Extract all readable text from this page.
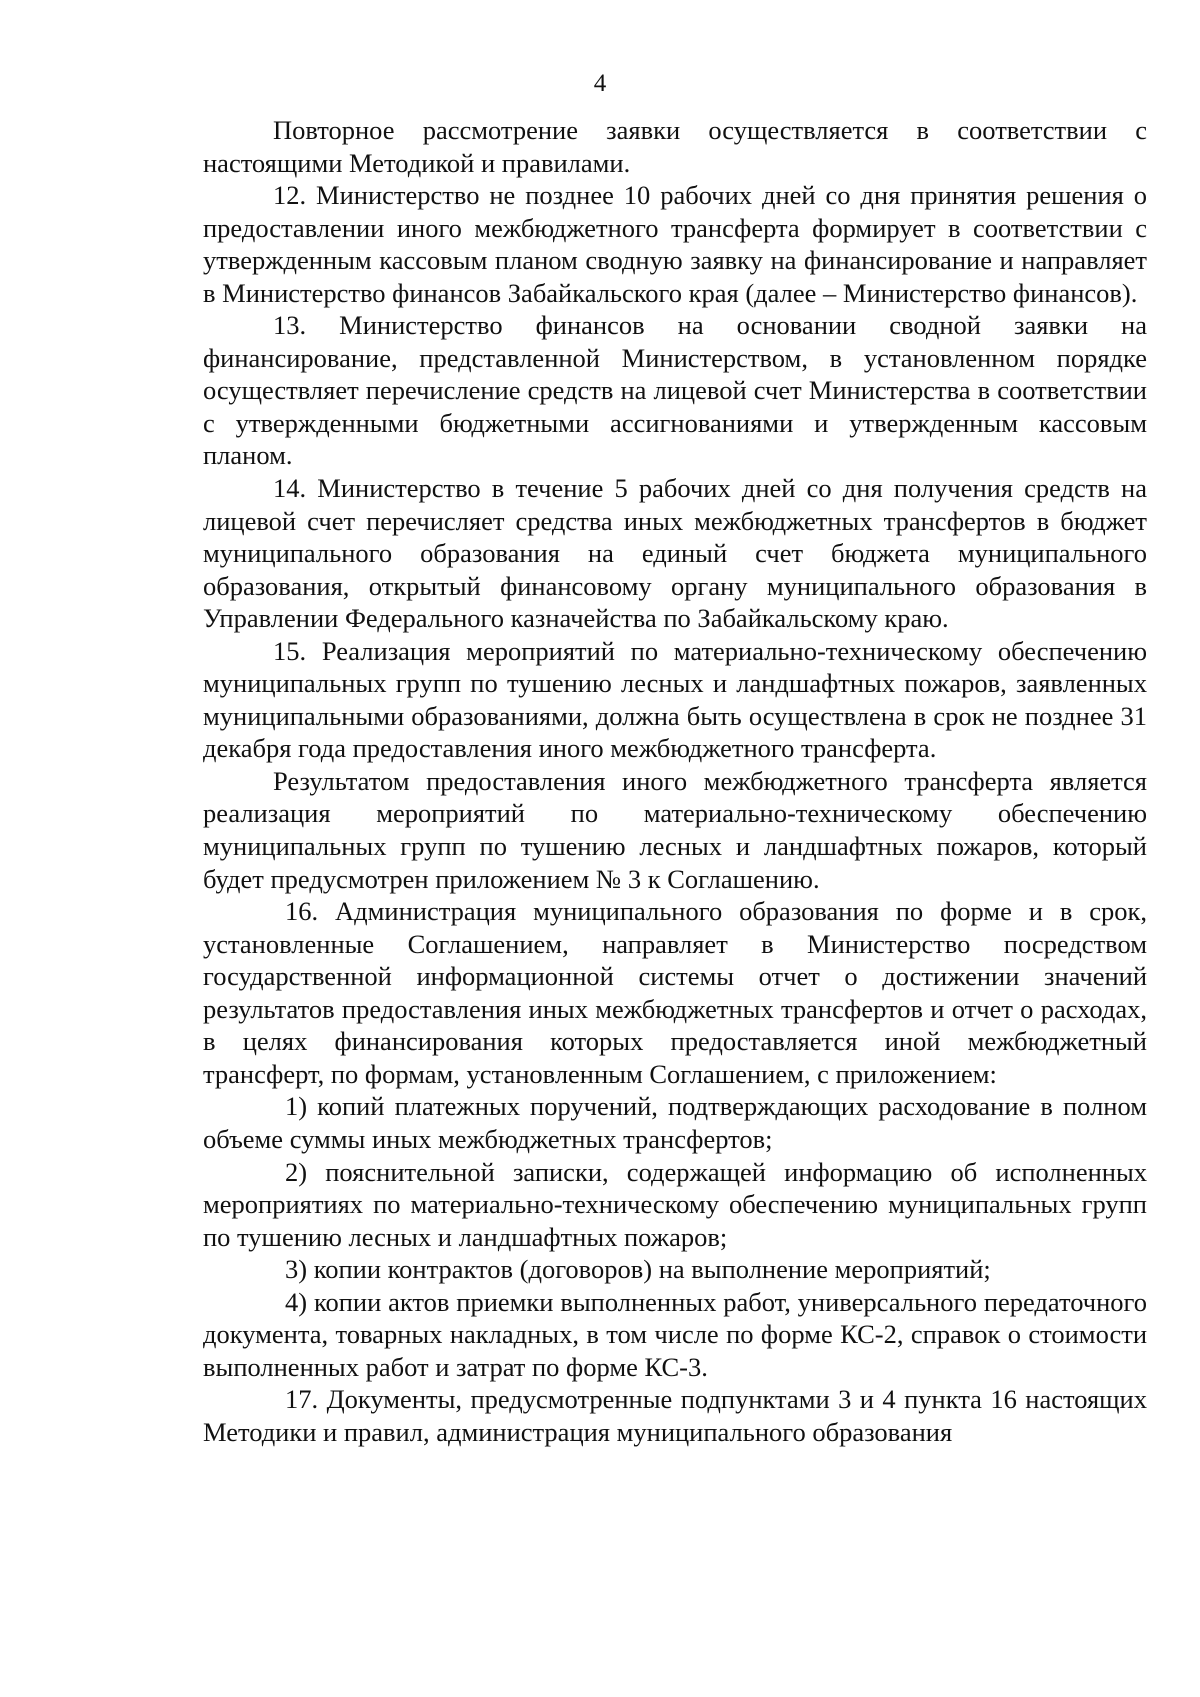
4

Повторное рассмотрение заявки осуществляется в соответствии с настоящими Методикой и правилами.

12. Министерство не позднее 10 рабочих дней со дня принятия решения о предоставлении иного межбюджетного трансферта формирует в соответствии с утвержденным кассовым планом сводную заявку на финансирование и направляет в Министерство финансов Забайкальского края (далее – Министерство финансов).

13. Министерство финансов на основании сводной заявки на финансирование, представленной Министерством, в установленном порядке осуществляет перечисление средств на лицевой счет Министерства в соответствии с утвержденными бюджетными ассигнованиями и утвержденным кассовым планом.

14. Министерство в течение 5 рабочих дней со дня получения средств на лицевой счет перечисляет средства иных межбюджетных трансфертов в бюджет муниципального образования на единый счет бюджета муниципального образования, открытый финансовому органу муниципального образования в Управлении Федерального казначейства по Забайкальскому краю.

15. Реализация мероприятий по материально-техническому обеспечению муниципальных групп по тушению лесных и ландшафтных пожаров, заявленных муниципальными образованиями, должна быть осуществлена в срок не позднее 31 декабря года предоставления иного межбюджетного трансферта.

Результатом предоставления иного межбюджетного трансферта является реализация мероприятий по материально-техническому обеспечению муниципальных групп по тушению лесных и ландшафтных пожаров, который будет предусмотрен приложением № 3 к Соглашению.

16. Администрация муниципального образования по форме и в срок, установленные Соглашением, направляет в Министерство посредством государственной информационной системы отчет о достижении значений результатов предоставления иных межбюджетных трансфертов и отчет о расходах, в целях финансирования которых предоставляется иной межбюджетный трансферт, по формам, установленным Соглашением, с приложением:

1) копий платежных поручений, подтверждающих расходование в полном объеме суммы иных межбюджетных трансфертов;

2) пояснительной записки, содержащей информацию об исполненных мероприятиях по материально-техническому обеспечению муниципальных групп по тушению лесных и ландшафтных пожаров;

3) копии контрактов (договоров) на выполнение мероприятий;

4) копии актов приемки выполненных работ, универсального передаточного документа, товарных накладных, в том числе по форме КС-2, справок о стоимости выполненных работ и затрат по форме КС-3.

17. Документы, предусмотренные подпунктами 3 и 4 пункта 16 настоящих Методики и правил, администрация муниципального образования
